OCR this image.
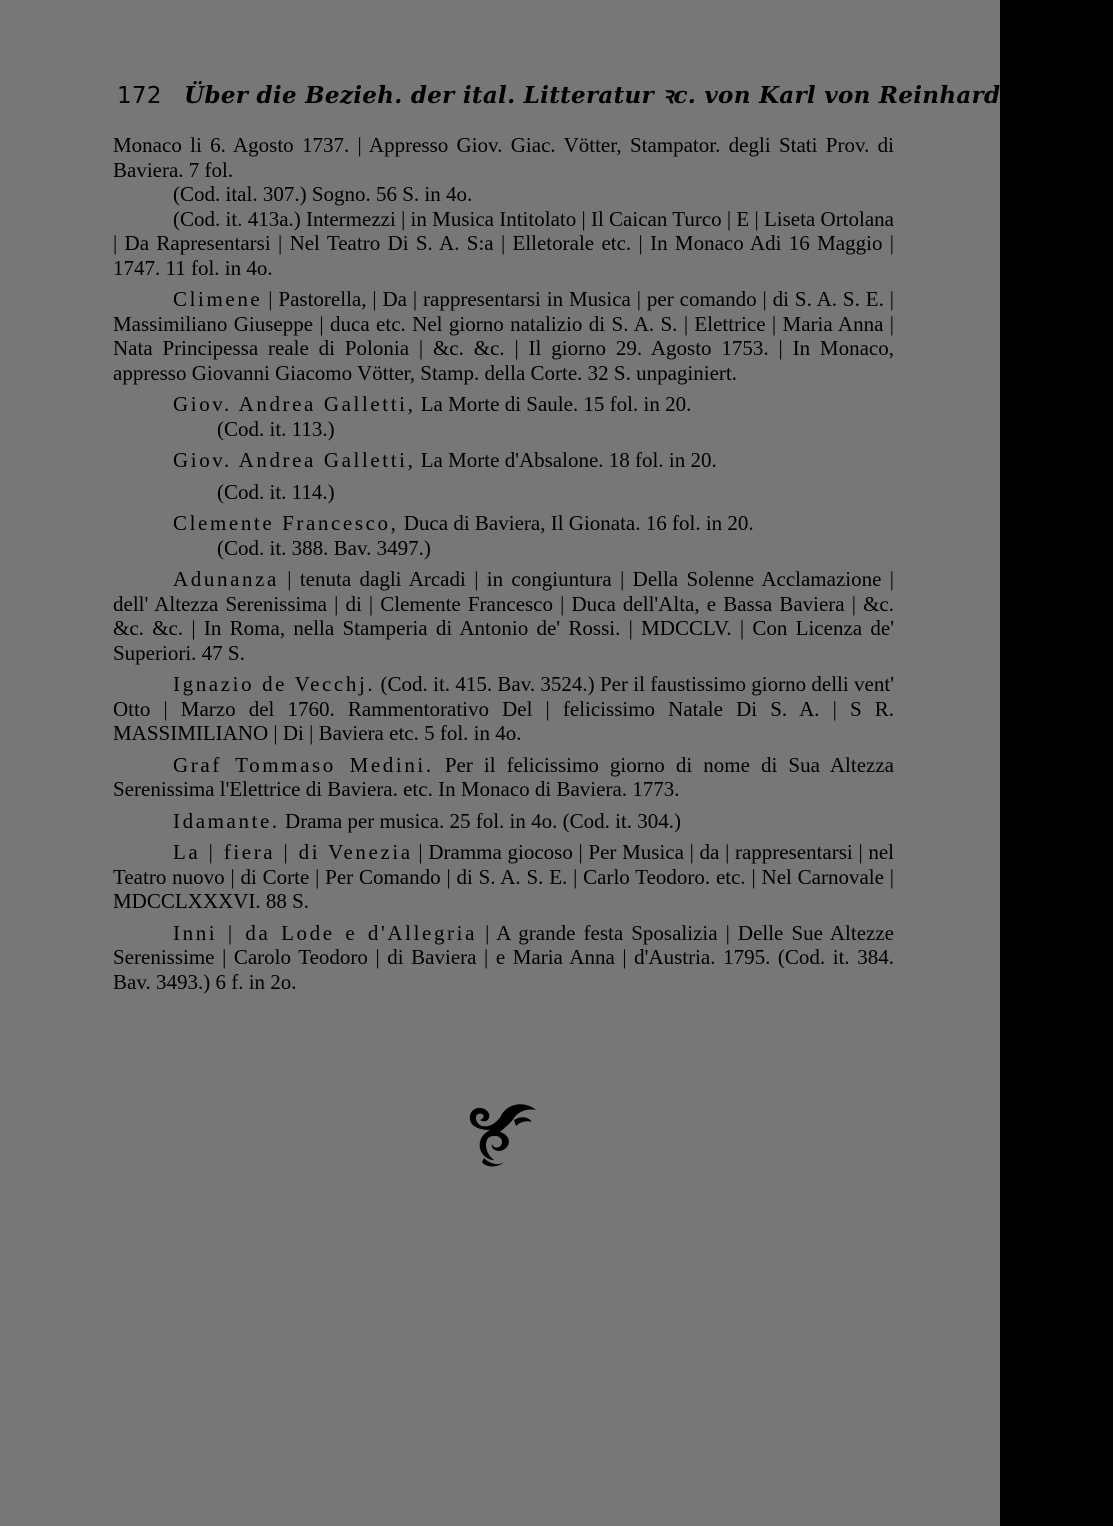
172 Über die Bezieh. der ital. Litteratur ꝛc. von Karl von Reinhardstöttner.

Monaco li 6. Agosto 1737. | Appresso Giov. Giac. Vötter, Stampator. degli Stati Prov. di Baviera. 7 fol.

(Cod. ital. 307.) Sogno. 56 S. in 4o.

(Cod. it. 413a.) Intermezzi | in Musica Intitolato | Il Caican Turco | E | Liseta Ortolana | Da Rapresentarsi | Nel Teatro Di S. A. S:a | Elletorale etc. | In Monaco Adi 16 Maggio | 1747. 11 fol. in 4o.

Climene | Pastorella, | Da | rappresentarsi in Musica | per comando | di S. A. S. E. | Massimiliano Giuseppe | duca etc. Nel giorno natalizio di S. A. S. | Elettrice | Maria Anna | Nata Principessa reale di Polonia | &c. &c. | Il giorno 29. Agosto 1753. | In Monaco, appresso Giovanni Giacomo Vötter, Stamp. della Corte. 32 S. unpaginiert.

Giov. Andrea Galletti, La Morte di Saule. 15 fol. in 20.

(Cod. it. 113.)

Giov. Andrea Galletti, La Morte d'Absalone. 18 fol. in 20.

(Cod. it. 114.)

Clemente Francesco, Duca di Baviera, Il Gionata. 16 fol. in 20.

(Cod. it. 388. Bav. 3497.)

Adunanza | tenuta dagli Arcadi | in congiuntura | Della Solenne Acclamazione | dell' Altezza Serenissima | di | Clemente Francesco | Duca dell'Alta, e Bassa Baviera | &c. &c. &c. | In Roma, nella Stamperia di Antonio de' Rossi. | MDCCLV. | Con Licenza de' Superiori. 47 S.

Ignazio de Vecchj. (Cod. it. 415. Bav. 3524.) Per il faustissimo giorno delli vent' Otto | Marzo del 1760. Rammentorativo Del | felicissimo Natale Di S. A. | S R. MASSIMILIANO | Di | Baviera etc. 5 fol. in 4o.

Graf Tommaso Medini. Per il felicissimo giorno di nome di Sua Altezza Serenissima l'Elettrice di Baviera. etc. In Monaco di Baviera. 1773.

Idamante. Drama per musica. 25 fol. in 4o. (Cod. it. 304.)

La | fiera | di Venezia | Dramma giocoso | Per Musica | da | rappresentarsi | nel Teatro nuovo | di Corte | Per Comando | di S. A. S. E. | Carlo Teodoro. etc. | Nel Carnovale | MDCCLXXXVI. 88 S.

Inni | da Lode e d'Allegria | A grande festa Sposalizia | Delle Sue Altezze Serenissime | Carolo Teodoro | di Baviera | e Maria Anna | d'Austria. 1795. (Cod. it. 384. Bav. 3493.) 6 f. in 2o.
